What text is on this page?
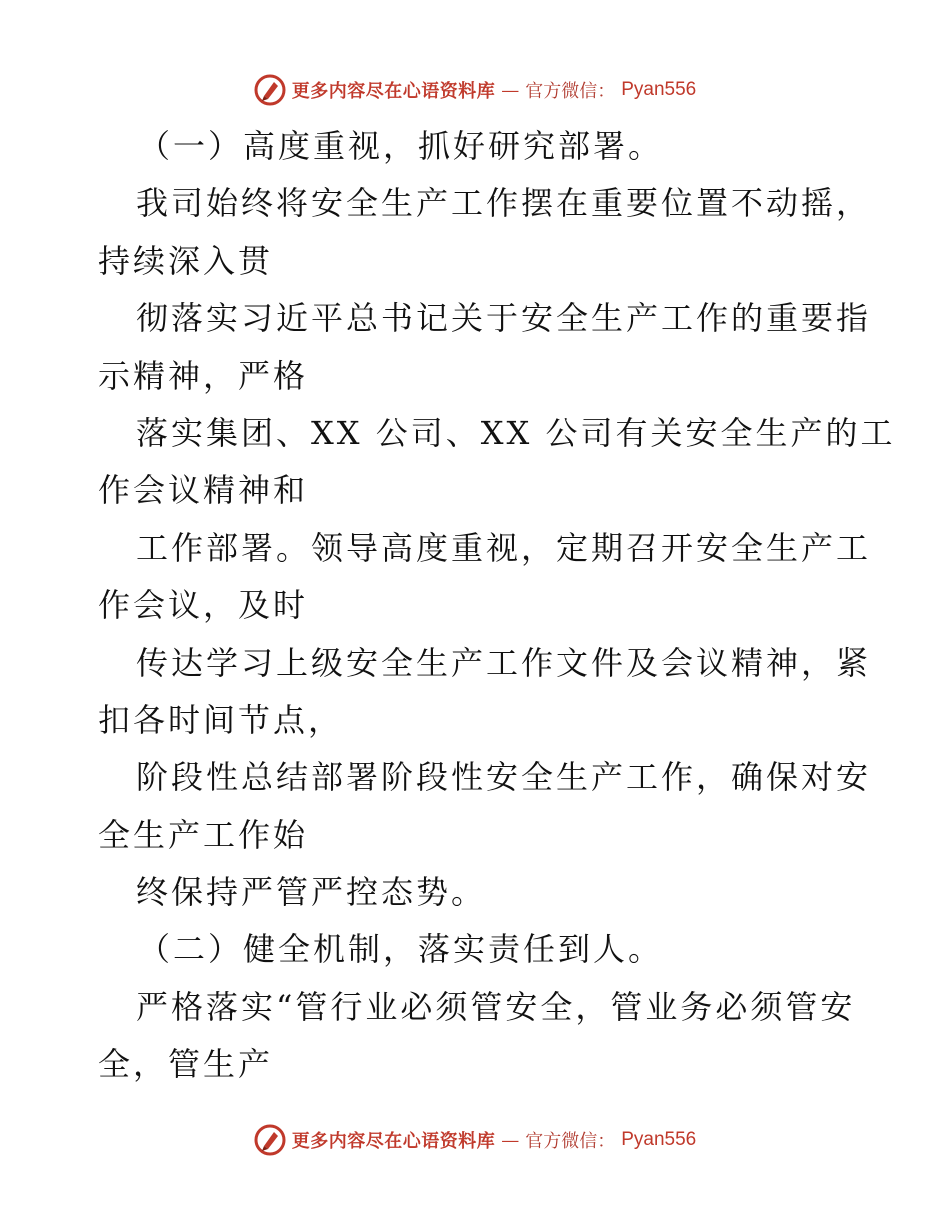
更多内容尽在心语资料库 — 官方微信： Pyan556
（一）高度重视，抓好研究部署。
我司始终将安全生产工作摆在重要位置不动摇，
持续深入贯
彻落实习近平总书记关于安全生产工作的重要指
示精神，严格
落实集团、XX 公司、XX 公司有关安全生产的工
作会议精神和
工作部署。领导高度重视，定期召开安全生产工
作会议，及时
传达学习上级安全生产工作文件及会议精神，紧
扣各时间节点，
阶段性总结部署阶段性安全生产工作，确保对安
全生产工作始
终保持严管严控态势。
（二）健全机制，落实责任到人。
严格落实“管行业必须管安全，管业务必须管安
全，管生产
更多内容尽在心语资料库 — 官方微信： Pyan556
